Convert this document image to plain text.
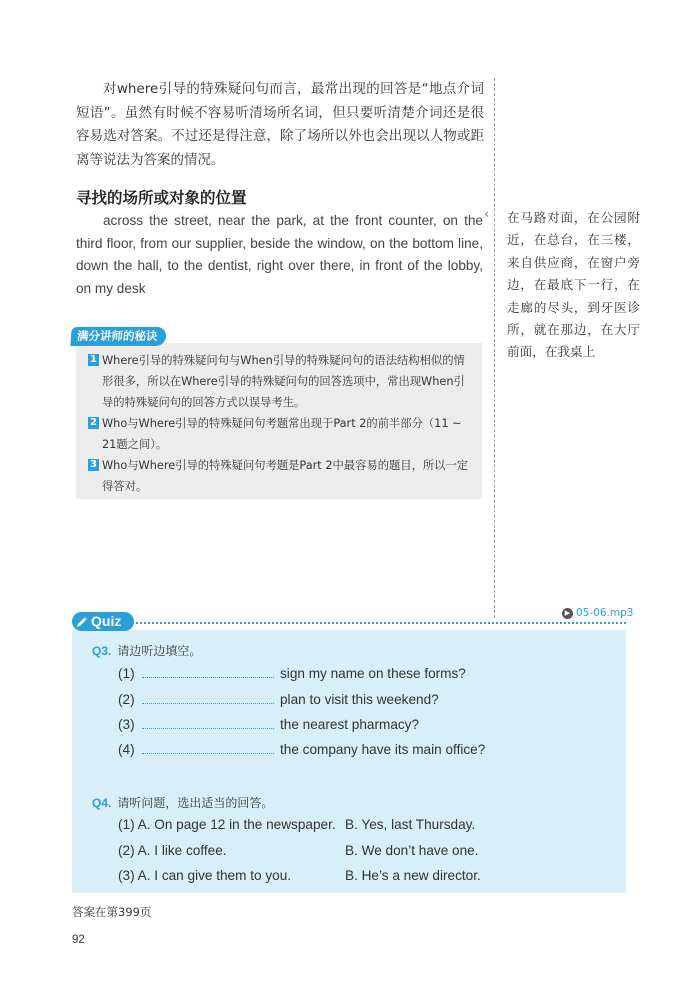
对where引导的特殊疑问句而言，最常出现的回答是“地点介词短语”。虽然有时候不容易听清场所名词，但只要听清楚介词还是很容易选对答案。不过还是得注意，除了场所以外也会出现以人物或距离等说法为答案的情况。
寻找的场所或对象的位置
across the street, near the park, at the front counter, on the third floor, from our supplier, beside the window, on the bottom line, down the hall, to the dentist, right over there, in front of the lobby, on my desk
‹ 在马路对面，在公园附近，在总台，在三楼，来自供应商，在窗户旁边，在最底下一行，在走廊的尽头，到牙医诊所，就在那边，在大厅前面，在我桌上
满分讲师的秘诀

1 Where引导的特殊疑问句与When引导的特殊疑问句的语法结构相似的情形很多，所以在Where引导的特殊疑问句的回答选项中，常出现When引导的特殊疑问句的回答方式以误导考生。

2 Who与Where引导的特殊疑问句考题常出现于Part 2的前半部分（11 ~ 21题之间）。

3 Who与Where引导的特殊疑问句考题是Part 2中最容易的题目，所以一定得答对。

▶ 05-06.mp3
Quiz
Q3. 请边听边填空。
(1)	sign my name on these forms?
(2)	plan to visit this weekend?
(3)	the nearest pharmacy?
(4)	the company have its main office?
Q4. 请听问题，选出适当的回答。
(1) A. On page 12 in the newspaper. B. Yes, last Thursday.
(2) A. I like coffee.	B. We don’t have one.
(3) A. I can give them to you.	B. He’s a new director.
答案在第399页
92
